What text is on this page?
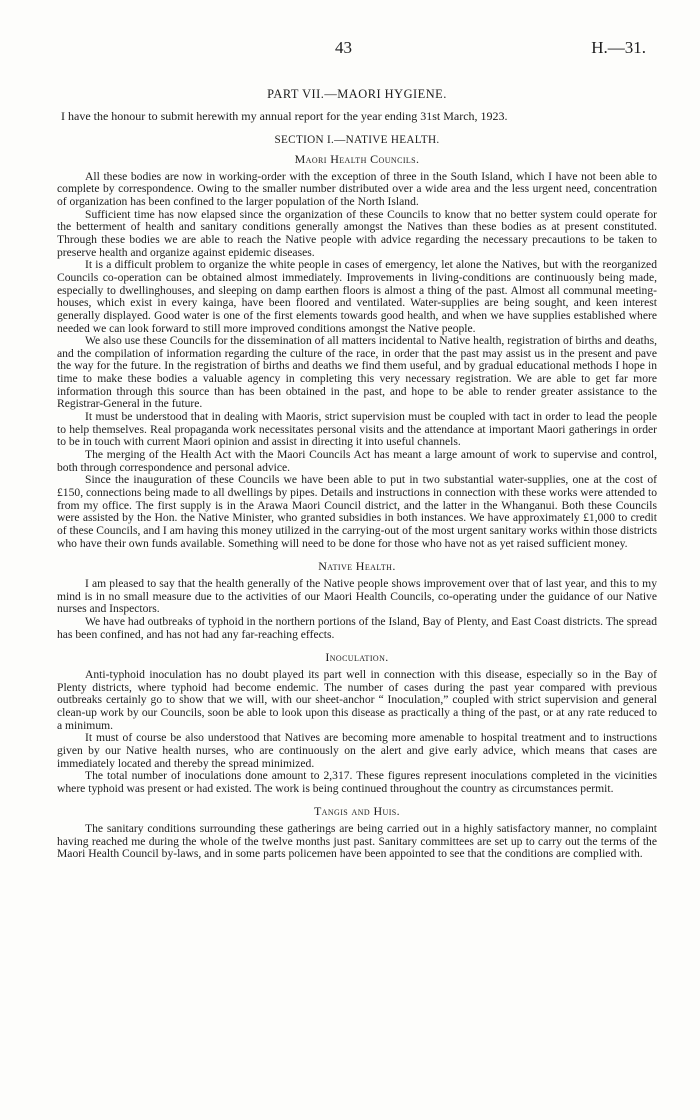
43	H.—31.
PART VII.—MAORI HYGIENE.
I have the honour to submit herewith my annual report for the year ending 31st March, 1923.
SECTION I.—NATIVE HEALTH.
Maori Health Councils.

All these bodies are now in working-order with the exception of three in the South Island, which I have not been able to complete by correspondence. Owing to the smaller number distributed over a wide area and the less urgent need, concentration of organization has been confined to the larger population of the North Island.

Sufficient time has now elapsed since the organization of these Councils to know that no better system could operate for the betterment of health and sanitary conditions generally amongst the Natives than these bodies as at present constituted. Through these bodies we are able to reach the Native people with advice regarding the necessary precautions to be taken to preserve health and organize against epidemic diseases.

It is a difficult problem to organize the white people in cases of emergency, let alone the Natives, but with the reorganized Councils co-operation can be obtained almost immediately. Improvements in living-conditions are continuously being made, especially to dwellinghouses, and sleeping on damp earthen floors is almost a thing of the past. Almost all communal meeting-houses, which exist in every kainga, have been floored and ventilated. Water-supplies are being sought, and keen interest generally displayed. Good water is one of the first elements towards good health, and when we have supplies established where needed we can look forward to still more improved conditions amongst the Native people.

We also use these Councils for the dissemination of all matters incidental to Native health, registration of births and deaths, and the compilation of information regarding the culture of the race, in order that the past may assist us in the present and pave the way for the future. In the registration of births and deaths we find them useful, and by gradual educational methods I hope in time to make these bodies a valuable agency in completing this very necessary registration. We are able to get far more information through this source than has been obtained in the past, and hope to be able to render greater assistance to the Registrar-General in the future.

It must be understood that in dealing with Maoris, strict supervision must be coupled with tact in order to lead the people to help themselves. Real propaganda work necessitates personal visits and the attendance at important Maori gatherings in order to be in touch with current Maori opinion and assist in directing it into useful channels.

The merging of the Health Act with the Maori Councils Act has meant a large amount of work to supervise and control, both through correspondence and personal advice.

Since the inauguration of these Councils we have been able to put in two substantial water-supplies, one at the cost of £150, connections being made to all dwellings by pipes. Details and instructions in connection with these works were attended to from my office. The first supply is in the Arawa Maori Council district, and the latter in the Whanganui. Both these Councils were assisted by the Hon. the Native Minister, who granted subsidies in both instances. We have approximately £1,000 to credit of these Councils, and I am having this money utilized in the carrying-out of the most urgent sanitary works within those districts who have their own funds available. Something will need to be done for those who have not as yet raised sufficient money.

Native Health.

I am pleased to say that the health generally of the Native people shows improvement over that of last year, and this to my mind is in no small measure due to the activities of our Maori Health Councils, co-operating under the guidance of our Native nurses and Inspectors.

We have had outbreaks of typhoid in the northern portions of the Island, Bay of Plenty, and East Coast districts. The spread has been confined, and has not had any far-reaching effects.

Inoculation.

Anti-typhoid inoculation has no doubt played its part well in connection with this disease, especially so in the Bay of Plenty districts, where typhoid had become endemic. The number of cases during the past year compared with previous outbreaks certainly go to show that we will, with our sheet-anchor “ Inoculation,” coupled with strict supervision and general clean-up work by our Councils, soon be able to look upon this disease as practically a thing of the past, or at any rate reduced to a minimum.

It must of course be also understood that Natives are becoming more amenable to hospital treatment and to instructions given by our Native health nurses, who are continuously on the alert and give early advice, which means that cases are immediately located and thereby the spread minimized.

The total number of inoculations done amount to 2,317. These figures represent inoculations completed in the vicinities where typhoid was present or had existed. The work is being continued throughout the country as circumstances permit.

Tangis and Huis.

The sanitary conditions surrounding these gatherings are being carried out in a highly satisfactory manner, no complaint having reached me during the whole of the twelve months just past. Sanitary committees are set up to carry out the terms of the Maori Health Council by-laws, and in some parts policemen have been appointed to see that the conditions are complied with.
